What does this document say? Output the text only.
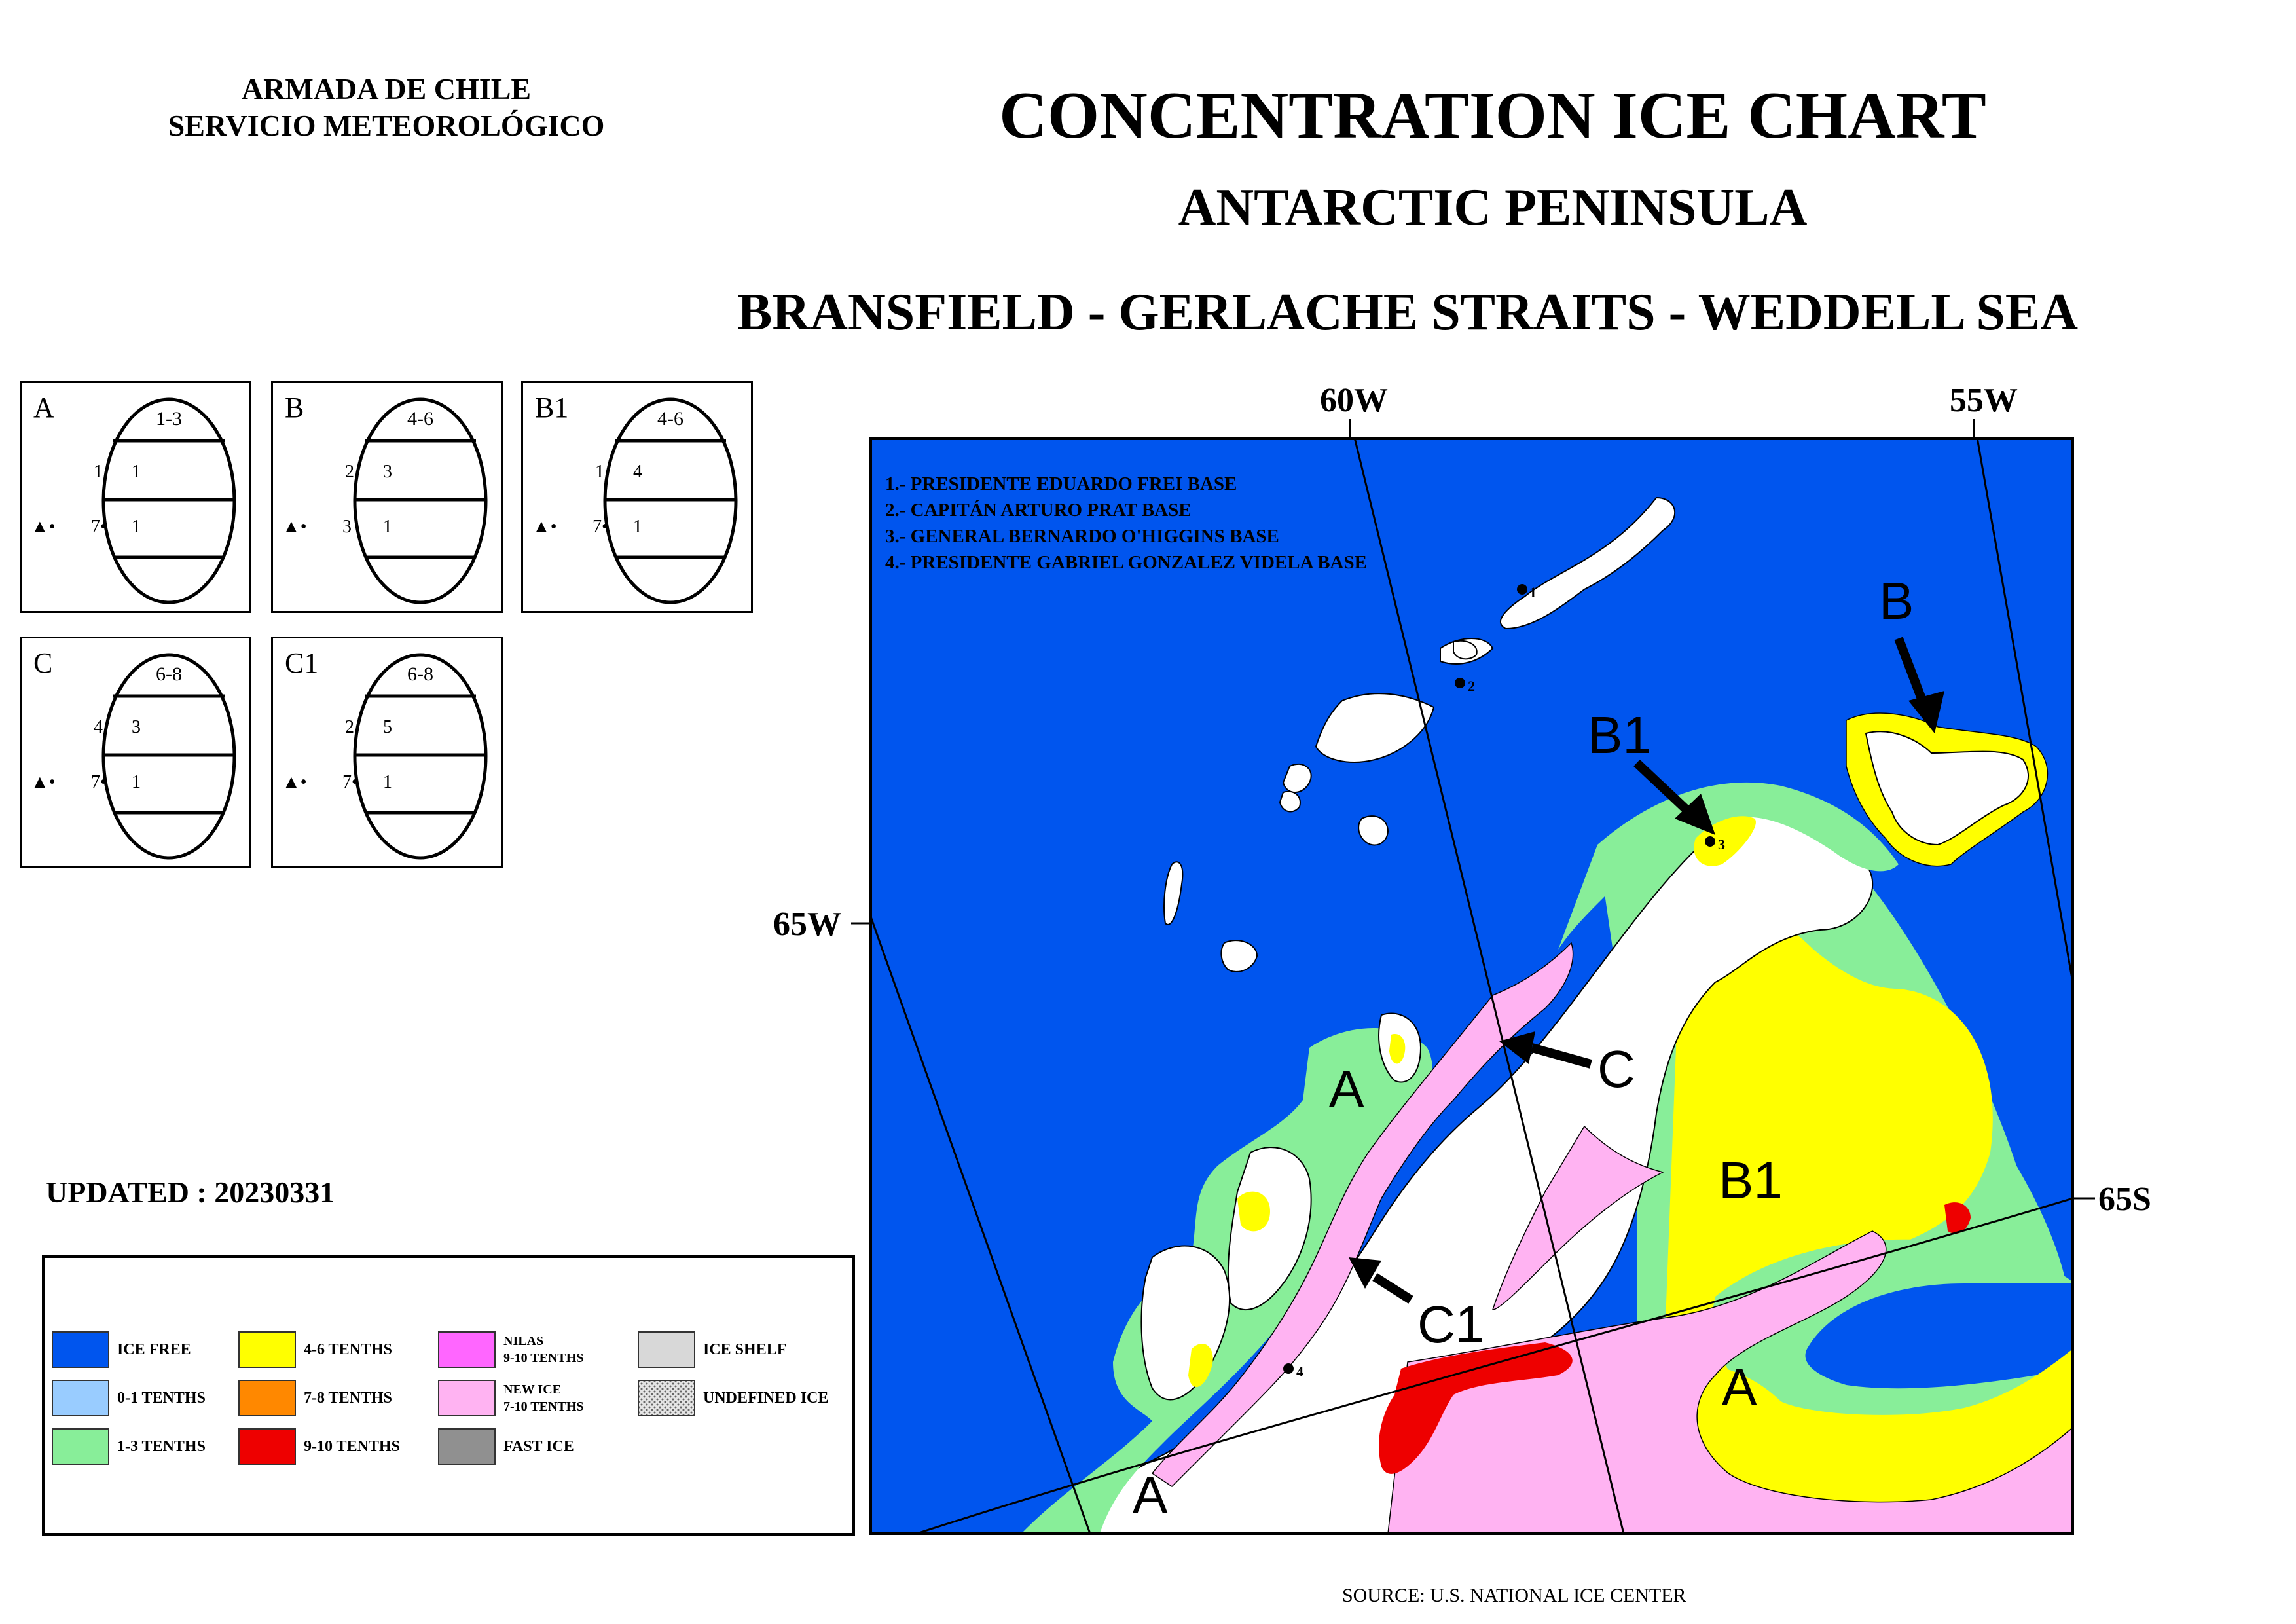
ARMADA DE CHILE
SERVICIO METEOROLÓGICO	CONCENTRATION ICE CHART
ANTARCTIC PENINSULA
BRANSFIELD - GERLACHE STRAITS - WEDDELL SEA
A	1-3
1 1
7• 1
▲•
B	4-6
2 3
3 1
▲•
B1	4-6
1 4
7• 1
▲•
C	6-8
4 3
7• 1
▲•
C1	6-8
2 5
7• 1
▲•
UPDATED : 20230331
ICE FREE
0-1 TENTHS
1-3 TENTHS
4-6 TENTHS
7-8 TENTHS
9-10 TENTHS
NILAS
9-10 TENTHS
NEW ICE
7-10 TENTHS
FAST ICE
ICE SHELF
UNDEFINED ICE
60W	55W
65W
65S
1.- PRESIDENTE EDUARDO FREI BASE
2.- CAPITÁN ARTURO PRAT BASE
3.- GENERAL BERNARDO O'HIGGINS BASE
4.- PRESIDENTE GABRIEL GONZALEZ VIDELA BASE
1
2
3
4
A
B1
A
A
B
B1
C
C1
SOURCE: U.S. NATIONAL ICE CENTER
